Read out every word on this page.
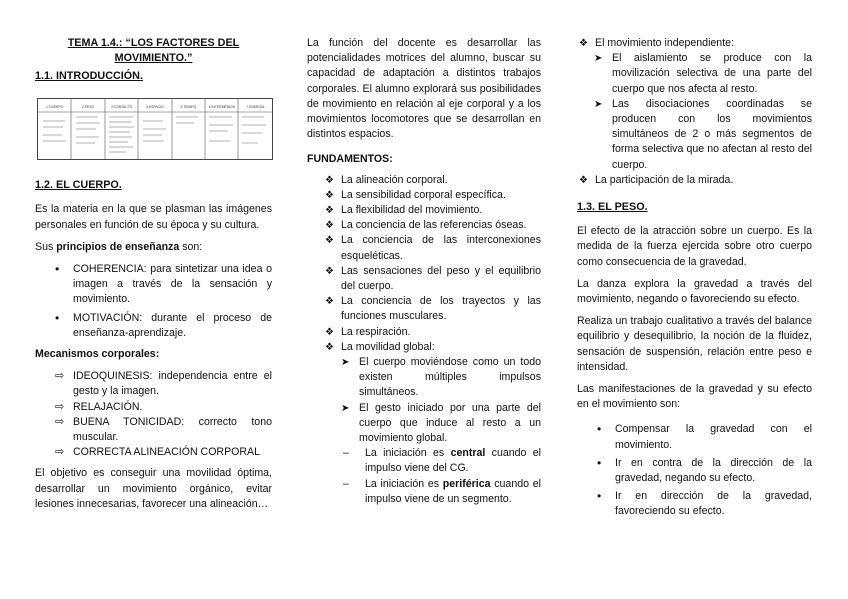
TEMA 1.4.: “LOS FACTORES DEL MOVIMIENTO.”

1.1. INTRODUCCIÓN.

1 CUERPO	2 PESO	3 CONTACTO	4 ESPACIO	5 TIEMPO	6 INTERMEDIOS	7 ENERGÍA

1.2. EL CUERPO.

Es la materia en la que se plasman las imágenes personales en función de su época y su cultura.

Sus principios de enseñanza son:

• COHERENCIA: para sintetizar una idea o imagen a través de la sensación y movimiento.
• MOTIVACIÓN: durante el proceso de enseñanza-aprendizaje.

Mecanismos corporales:

⇨ IDEOQUINESIS: independencia entre el gesto y la imagen.
⇨ RELAJACIÓN.
⇨ BUENA TONICIDAD: correcto tono muscular.
⇨ CORRECTA ALINEACIÓN CORPORAL

El objetivo es conseguir una movilidad óptima, desarrollar un movimiento orgánico, evitar lesiones innecesarias, favorecer una alineación…

La función del docente es desarrollar las potencialidades motrices del alumno, buscar su capacidad de adaptación a distintos trabajos corporales. El alumno explorará sus posibilidades de movimiento en relación al eje corporal y a los movimientos locomotores que se desarrollan en distintos espacios.

FUNDAMENTOS:

❖ La alineación corporal.
❖ La sensibilidad corporal específica.
❖ La flexibilidad del movimiento.
❖ La conciencia de las referencias óseas.
❖ La conciencia de las interconexiones esqueléticas.
❖ Las sensaciones del peso y el equilibrio del cuerpo.
❖ La conciencia de los trayectos y las funciones musculares.
❖ La respiración.
❖ La movilidad global:
➤ El cuerpo moviéndose como un todo existen múltiples impulsos simultáneos.
➤ El gesto iniciado por una parte del cuerpo que induce al resto a un movimiento global.
– La iniciación es central cuando el impulso viene del CG.
– La iniciación es periférica cuando el impulso viene de un segmento.
❖ El movimiento independiente:
➤ El aislamiento se produce con la movilización selectiva de una parte del cuerpo que nos afecta al resto.
➤ Las disociaciones coordinadas se producen con los movimientos simultáneos de 2 o más segmentos de forma selectiva que no afectan al resto del cuerpo.
❖ La participación de la mirada.

1.3. EL PESO.

El efecto de la atracción sobre un cuerpo. Es la medida de la fuerza ejercida sobre otro cuerpo como consecuencia de la gravedad.

La danza explora la gravedad a través del movimiento, negando o favoreciendo su efecto.

Realiza un trabajo cualitativo a través del balance equilibrio y desequilibrio, la noción de la fluidez, sensación de suspensión, relación entre peso e intensidad.

Las manifestaciones de la gravedad y su efecto en el movimiento son:

• Compensar la gravedad con el movimiento.
• Ir en contra de la dirección de la gravedad, negando su efecto.
• Ir en dirección de la gravedad, favoreciendo su efecto.
